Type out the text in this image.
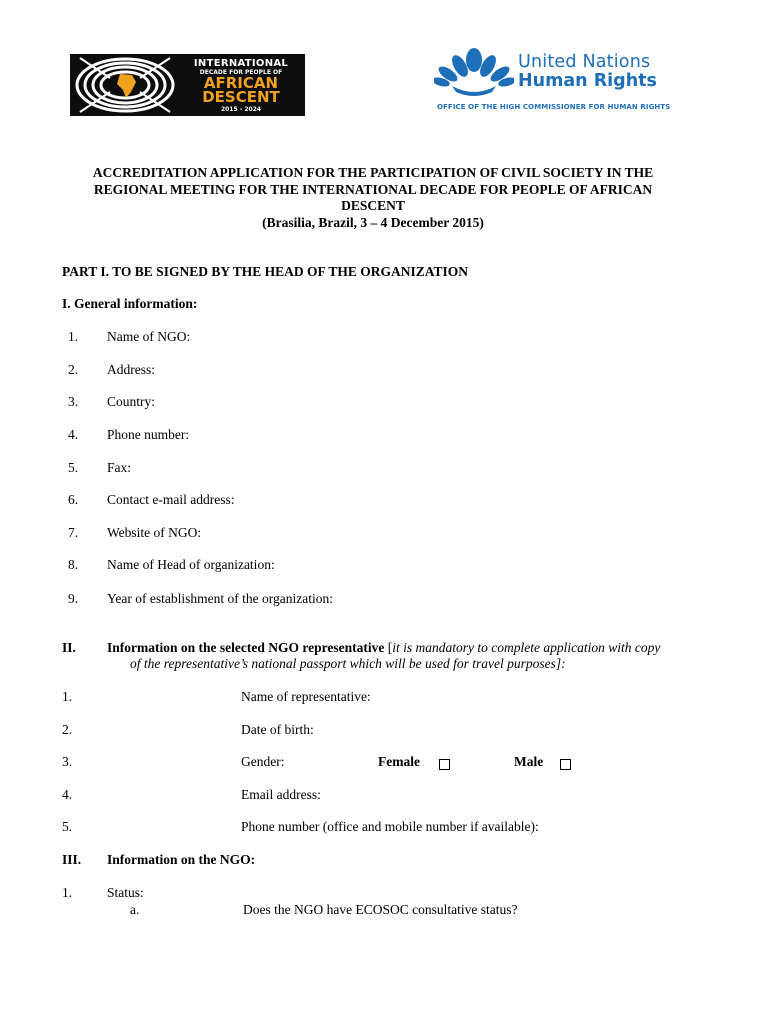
INTERNATIONAL
DECADE FOR PEOPLE OF
AFRICAN
DESCENT
2015 - 2024
United Nations
Human Rights
OFFICE OF THE HIGH COMMISSIONER FOR HUMAN RIGHTS
ACCREDITATION APPLICATION FOR THE PARTICIPATION OF CIVIL SOCIETY IN THE
REGIONAL MEETING FOR THE INTERNATIONAL DECADE FOR PEOPLE OF AFRICAN
DESCENT
(Brasilia, Brazil, 3 – 4 December 2015)
PART I. TO BE SIGNED BY THE HEAD OF THE ORGANIZATION
I. General information:
1. Name of NGO:
2. Address:
3. Country:
4. Phone number:
5. Fax:
6. Contact e-mail address:
7. Website of NGO:
8. Name of Head of organization:
9. Year of establishment of the organization:
II. Information on the selected NGO representative [it is mandatory to complete application with copy
of the representative’s national passport which will be used for travel purposes]:
1.	Name of representative:
2.	Date of birth:
3.	Gender:	Female	Male
4.	Email address:
5.	Phone number (office and mobile number if available):
III. Information on the NGO:
1.	Status:
a.	Does the NGO have ECOSOC consultative status?
